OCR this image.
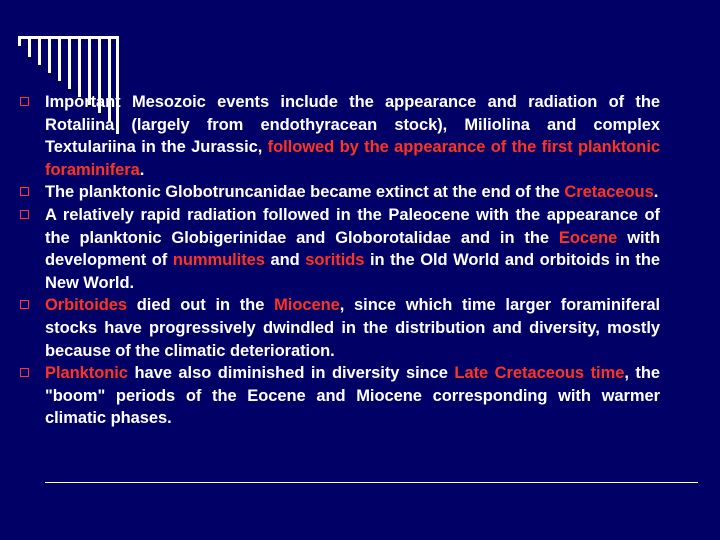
Important Mesozoic events include the appearance and radiation of the Rotaliina (largely from endothyracean stock), Miliolina and complex Textulariina in the Jurassic, followed by the appearance of the first planktonic foraminifera.
The planktonic Globotruncanidae became extinct at the end of the Cretaceous.
A relatively rapid radiation followed in the Paleocene with the appearance of the planktonic Globigerinidae and Globorotalidae and in the Eocene with development of nummulites and soritids in the Old World and orbitoids in the New World.
Orbitoides died out in the Miocene, since which time larger foraminiferal stocks have progressively dwindled in the distribution and diversity, mostly because of the climatic deterioration.
Planktonic have also diminished in diversity since Late Cretaceous time, the "boom" periods of the Eocene and Miocene corresponding with warmer climatic phases.
